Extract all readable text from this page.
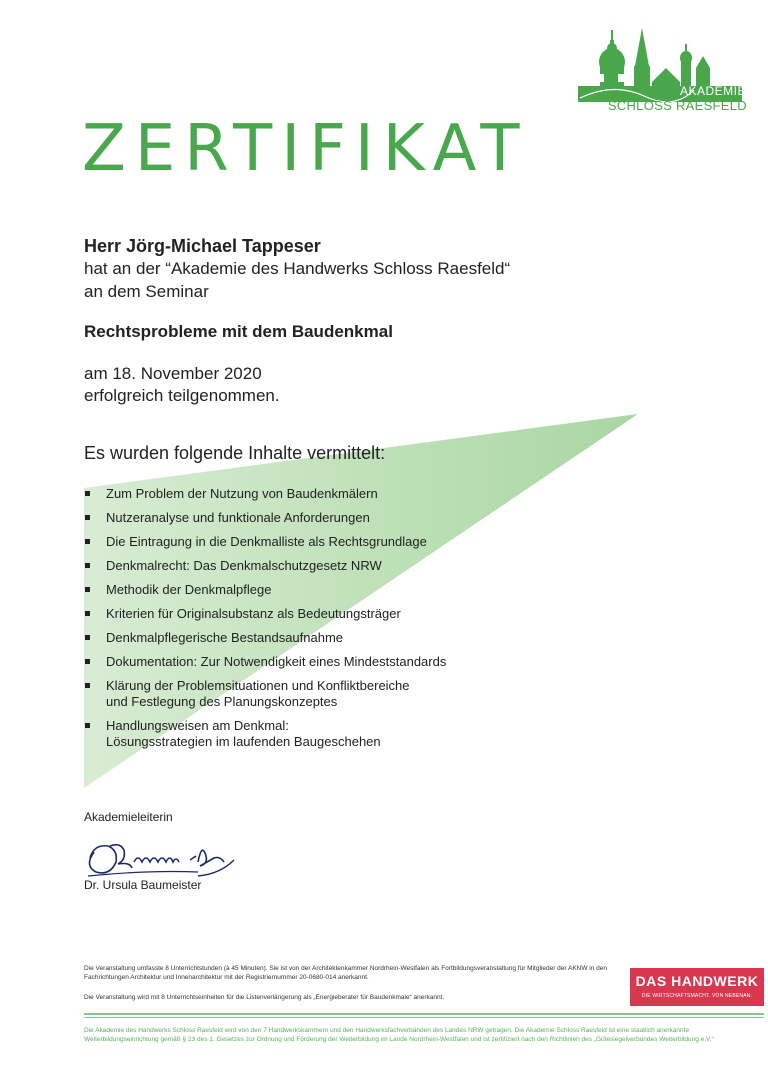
AKADEMIE
SCHLOSS RAESFELD
ZERTIFIKAT
Herr Jörg-Michael Tappeser
hat an der “Akademie des Handwerks Schloss Raesfeld“
an dem Seminar
Rechtsprobleme mit dem Baudenkmal
am 18. November 2020
erfolgreich teilgenommen.
Es wurden folgende Inhalte vermittelt:
Zum Problem der Nutzung von Baudenkmälern
Nutzeranalyse und funktionale Anforderungen
Die Eintragung in die Denkmalliste als Rechtsgrundlage
Denkmalrecht: Das Denkmalschutzgesetz NRW
Methodik der Denkmalpflege
Kriterien für Originalsubstanz als Bedeutungsträger
Denkmalpflegerische Bestandsaufnahme
Dokumentation: Zur Notwendigkeit eines Mindeststandards
Klärung der Problemsituationen und Konfliktbereiche
und Festlegung des Planungskonzeptes
Handlungsweisen am Denkmal:
Lösungsstrategien im laufenden Baugeschehen
Akademieleiterin
Dr. Ursula Baumeister
Die Veranstaltung umfasste 8 Unterrichtstunden (à 45 Minuten). Sie ist von der Architektenkammer Nordrhein-Westfalen als Fortbildungsveranstaltung für Mitglieder der AKNW in den Fachrichtungen Architektur und Innenarchitektur mit der Registriernummer 20-0680-014 anerkannt.
Die Veranstaltung wird mit 8 Unterrichtseinheiten für die Listenverlängerung als „Energieberater für Baudenkmale“ anerkannt.
DAS HANDWERK
DIE WIRTSCHAFTSMACHT. VON NEBENAN.
Die Akademie des Handwerks Schloss Raesfeld wird von den 7 Handwerkskammern und den Handwerksfachverbänden des Landes NRW getragen. Die Akademie Schloss Raesfeld ist eine staatlich anerkannte Weiterbildungseinrichtung gemäß § 23 des 1. Gesetzes zur Ordnung und Förderung der Weiterbildung im Lande Nordrhein-Westfalen und ist zertifiziert nach den Richtlinien des „Gütesiegelverbundes Weiterbildung e.V.“
